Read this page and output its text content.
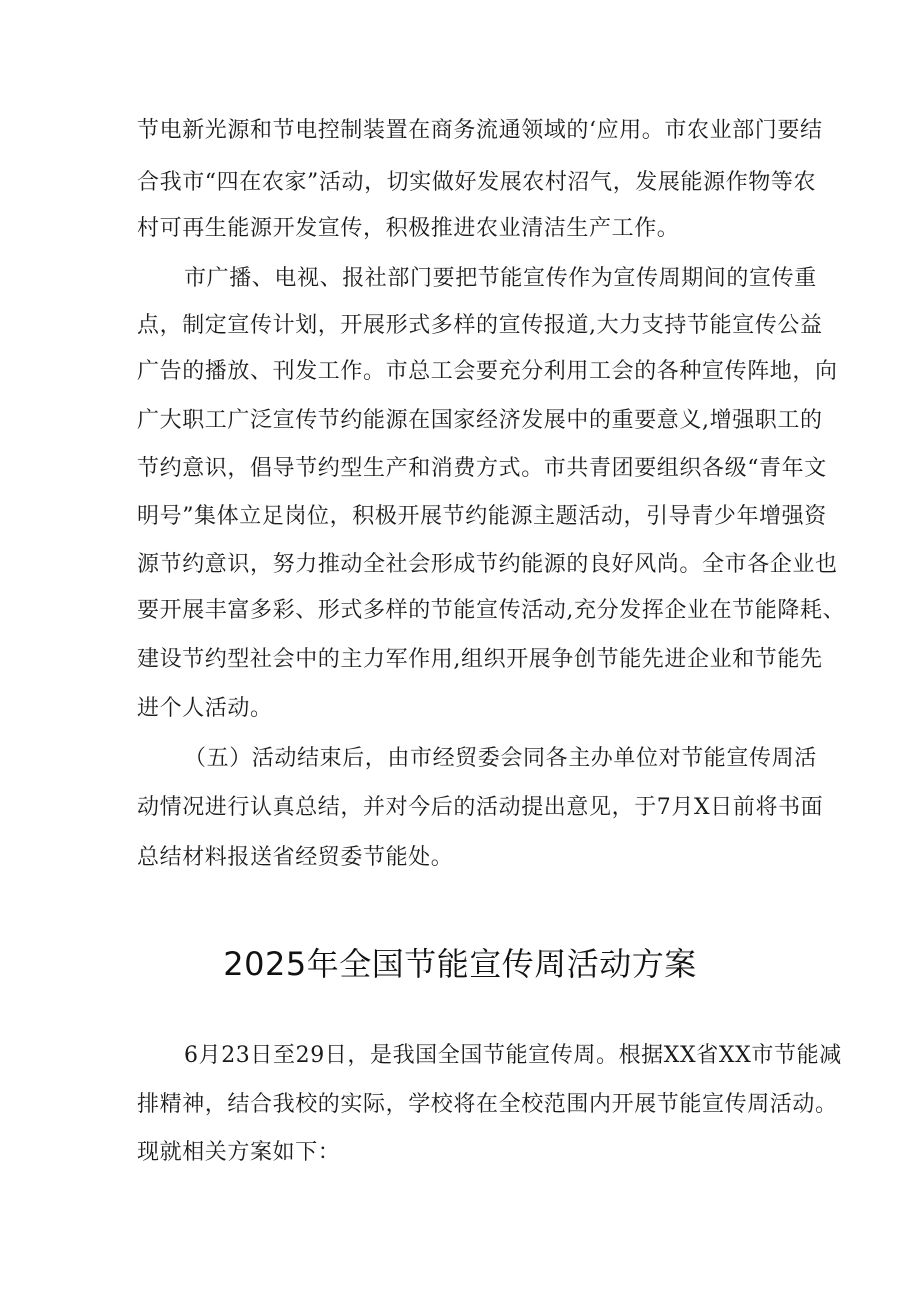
节电新光源和节电控制装置在商务流通领域的‘应用。市农业部门要结
合我市“四在农家”活动，切实做好发展农村沼气，发展能源作物等农
村可再生能源开发宣传，积极推进农业清洁生产工作。
市广播、电视、报社部门要把节能宣传作为宣传周期间的宣传重
点，制定宣传计划，开展形式多样的宣传报道,大力支持节能宣传公益
广告的播放、刊发工作。市总工会要充分利用工会的各种宣传阵地，向
广大职工广泛宣传节约能源在国家经济发展中的重要意义,增强职工的
节约意识，倡导节约型生产和消费方式。市共青团要组织各级“青年文
明号”集体立足岗位，积极开展节约能源主题活动，引导青少年增强资
源节约意识，努力推动全社会形成节约能源的良好风尚。全市各企业也
要开展丰富多彩、形式多样的节能宣传活动,充分发挥企业在节能降耗、
建设节约型社会中的主力军作用,组织开展争创节能先进企业和节能先
进个人活动。
（五）活动结束后，由市经贸委会同各主办单位对节能宣传周活
动情况进行认真总结，并对今后的活动提出意见，于7月X日前将书面
总结材料报送省经贸委节能处。
2025年全国节能宣传周活动方案
6月23日至29日，是我国全国节能宣传周。根据XX省XX市节能减
排精神，结合我校的实际，学校将在全校范围内开展节能宣传周活动。
现就相关方案如下：
